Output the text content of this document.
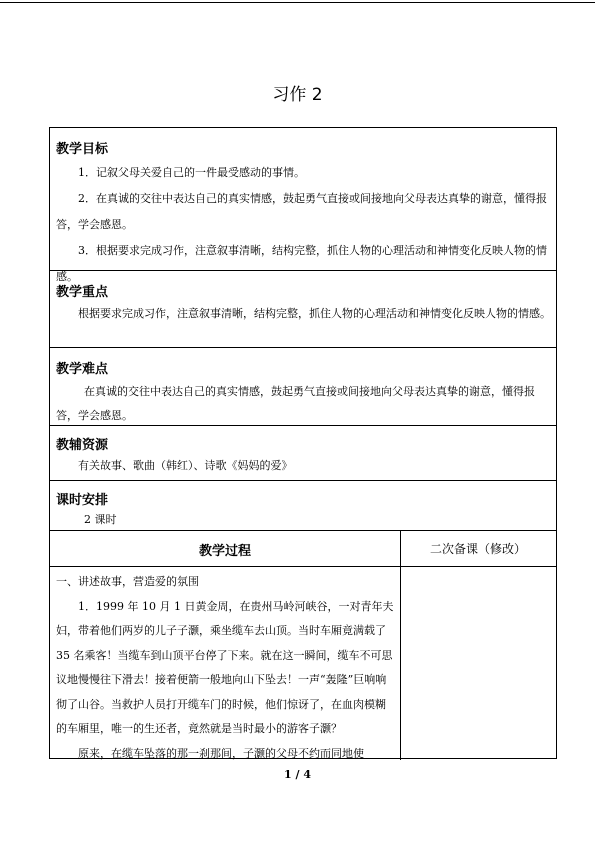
习作 2
教学目标

1．记叙父母关爱自己的一件最受感动的事情。

2．在真诚的交往中表达自己的真实情感，鼓起勇气直接或间接地向父母表达真挚的谢意，懂得报答，学会感恩。

3．根据要求完成习作，注意叙事清晰，结构完整，抓住人物的心理活动和神情变化反映人物的情感。

教学重点

根据要求完成习作，注意叙事清晰，结构完整，抓住人物的心理活动和神情变化反映人物的情感。

教学难点

在真诚的交往中表达自己的真实情感，鼓起勇气直接或间接地向父母表达真挚的谢意，懂得报答，学会感恩。

教辅资源

有关故事、歌曲（韩红）、诗歌《妈妈的爱》

课时安排

2 课时

教学过程	二次备课（修改）

一、讲述故事，营造爱的氛围

1．1999 年 10 月 1 日黄金周，在贵州马岭河峡谷，一对青年夫妇，带着他们两岁的儿子子灏，乘坐缆车去山顶。当时车厢竟满载了 35 名乘客！当缆车到山顶平台停了下来。就在这一瞬间，缆车不可思议地慢慢往下滑去！接着便箭一般地向山下坠去！一声“轰隆”巨响响彻了山谷。当救护人员打开缆车门的时候，他们惊讶了，在血肉模糊的车厢里，唯一的生还者，竟然就是当时最小的游客子灏？

原来，在缆车坠落的那一刹那间，子灏的父母不约而同地使

1 / 4
